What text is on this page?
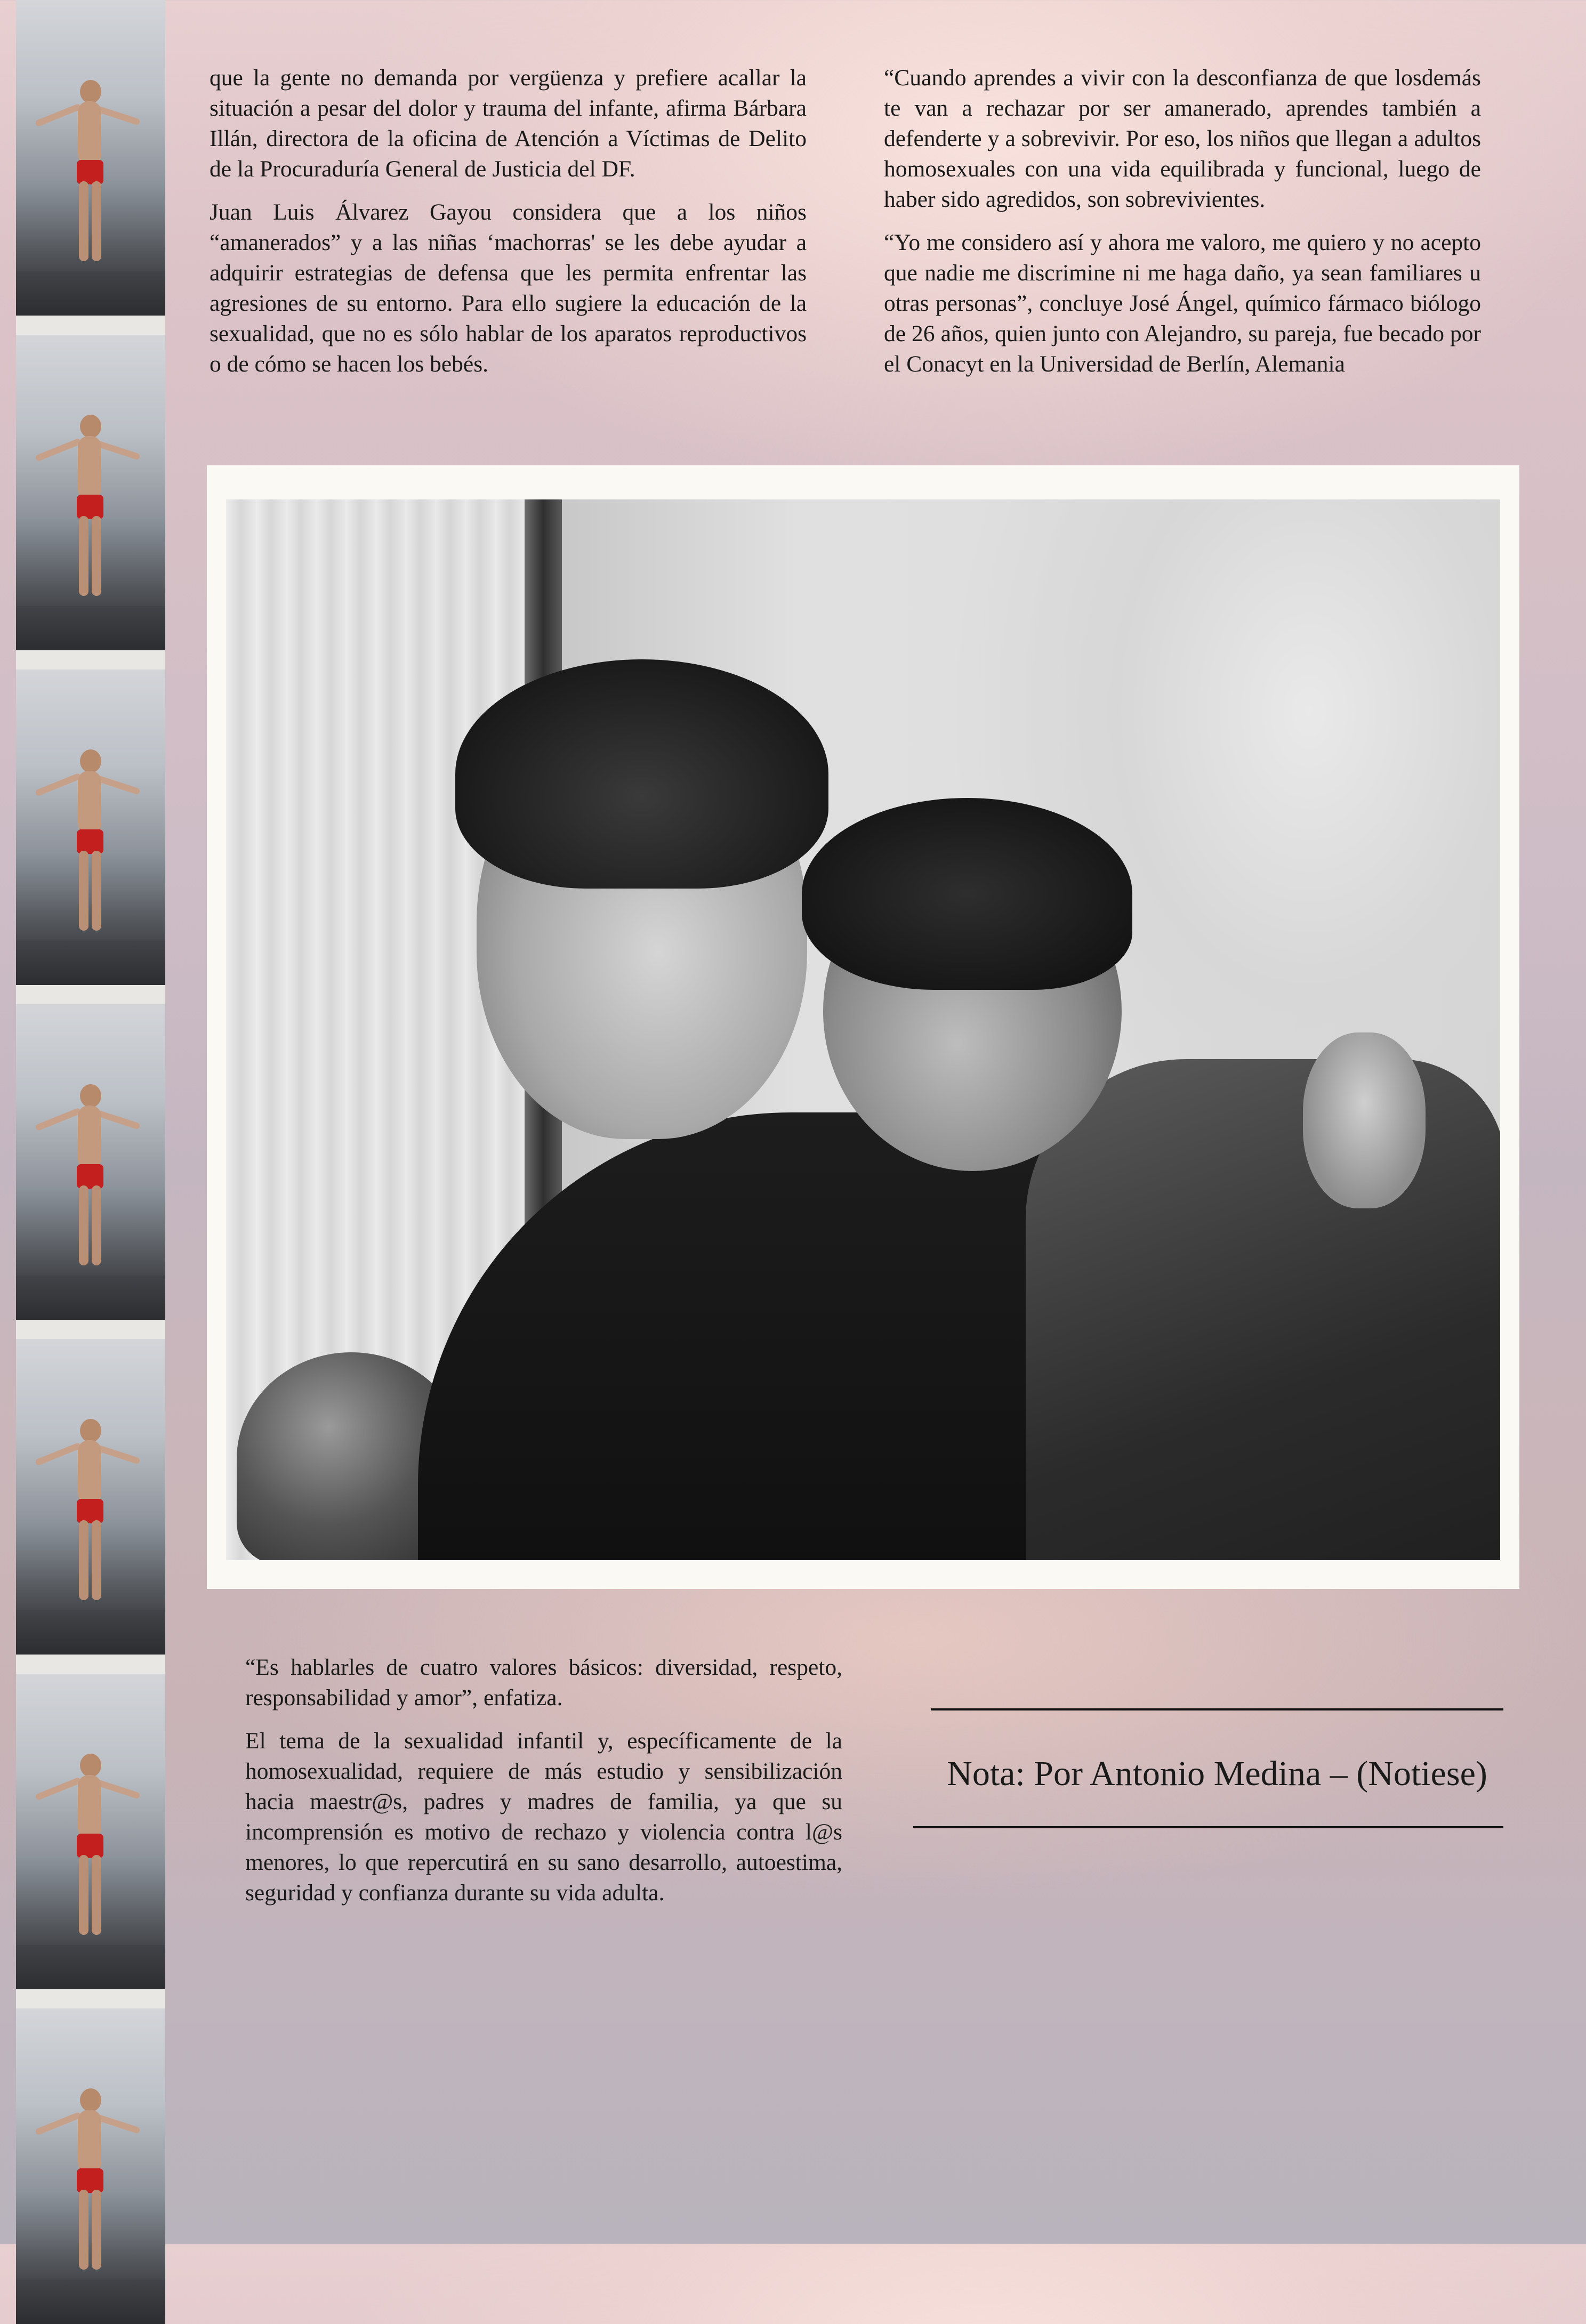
que la gente no demanda por vergüenza y prefiere acallar la situación a pesar del dolor y trauma del infante, afirma Bárbara Illán, directora de la oficina de Atención a Víctimas de Delito de la Procuraduría General de Justicia del DF.

Juan Luis Álvarez Gayou considera que a los niños “amanerados” y a las niñas ‘machorras' se les debe ayudar a adquirir estrategias de defensa que les permita enfrentar las agresiones de su entorno. Para ello sugiere la educación de la sexualidad, que no es sólo hablar de los aparatos reproductivos o de cómo se hacen los bebés.

“Cuando aprendes a vivir con la desconfianza de que losdemás te van a rechazar por ser amanerado, aprendes también a defenderte y a sobrevivir. Por eso, los niños que llegan a adultos homosexuales con una vida equilibrada y funcional, luego de haber sido agredidos, son sobrevivientes.

“Yo me considero así y ahora me valoro, me quiero y no acepto que nadie me discrimine ni me haga daño, ya sean familiares u otras personas”, concluye José Ángel, químico fármaco biólogo de 26 años, quien junto con Alejandro, su pareja, fue becado por el Conacyt en la Universidad de Berlín, Alemania

“Es hablarles de cuatro valores básicos: diversidad, respeto, responsabilidad y amor”, enfatiza.

El tema de la sexualidad infantil y, específicamente de la homosexualidad, requiere de más estudio y sensibilización hacia maestr@s, padres y madres de familia, ya que su incomprensión es motivo de rechazo y violencia contra l@s menores, lo que repercutirá en su sano desarrollo, autoestima, seguridad y confianza durante su vida adulta.

Nota: Por Antonio Medina – (Notiese)
